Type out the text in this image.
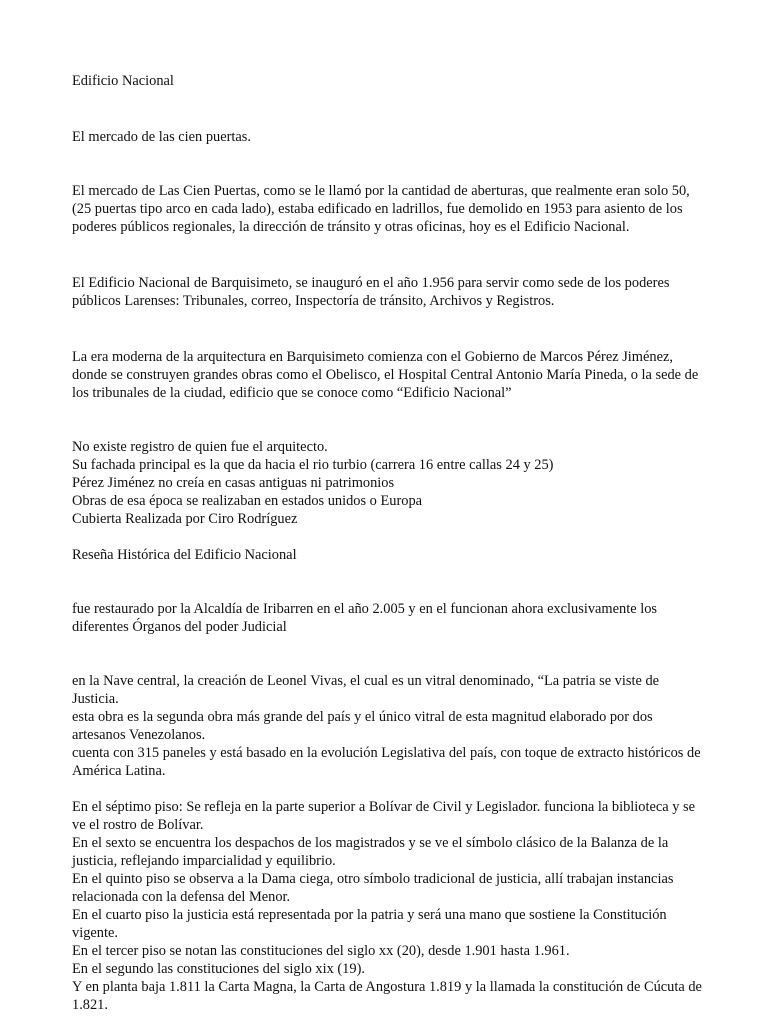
Edificio Nacional

El mercado de las cien puertas.

El mercado de Las Cien Puertas, como se le llamó por la cantidad de aberturas, que realmente eran solo 50, (25 puertas tipo arco en cada lado), estaba edificado en ladrillos, fue demolido en 1953 para asiento de los poderes públicos regionales, la dirección de tránsito y otras oficinas, hoy es el Edificio Nacional.

El Edificio Nacional de Barquisimeto, se inauguró en el año 1.956 para servir como sede de los poderes públicos Larenses: Tribunales, correo, Inspectoría de tránsito, Archivos y Registros.

La era moderna de la arquitectura en Barquisimeto comienza con el Gobierno de Marcos Pérez Jiménez, donde se construyen grandes obras como el Obelisco, el Hospital Central Antonio María Pineda, o la sede de los tribunales de la ciudad, edificio que se conoce como “Edificio Nacional”

No existe registro de quien fue el arquitecto.

Su fachada principal es la que da hacia el rio turbio (carrera 16 entre callas 24 y 25)

Pérez Jiménez no creía en casas antiguas ni patrimonios

Obras de esa época se realizaban en estados unidos o Europa

Cubierta Realizada por Ciro Rodríguez

Reseña Histórica del Edificio Nacional

fue restaurado por la Alcaldía de Iribarren en el año 2.005 y en el funcionan ahora exclusivamente los diferentes Órganos del poder Judicial

en la Nave central, la creación de Leonel Vivas, el cual es un vitral denominado, “La patria se viste de Justicia.

esta obra es la segunda obra más grande del país y el único vitral de esta magnitud elaborado por dos artesanos Venezolanos.

cuenta con 315 paneles y está basado en la evolución Legislativa del país, con toque de extracto históricos de América Latina.

En el séptimo piso: Se refleja en la parte superior a Bolívar de Civil y Legislador. funciona la biblioteca y se ve el rostro de Bolívar.

En el sexto se encuentra los despachos de los magistrados y se ve el símbolo clásico de la Balanza de la justicia, reflejando imparcialidad y equilibrio.

En el quinto piso se observa a la Dama ciega, otro símbolo tradicional de justicia, allí trabajan instancias relacionada con la defensa del Menor.

En el cuarto piso la justicia está representada por la patria y será una mano que sostiene la Constitución vigente.

En el tercer piso se notan las constituciones del siglo xx (20), desde 1.901 hasta 1.961.

En el segundo las constituciones del siglo xix (19).

Y en planta baja 1.811 la Carta Magna, la Carta de Angostura 1.819 y la llamada la constitución de Cúcuta de 1.821.
